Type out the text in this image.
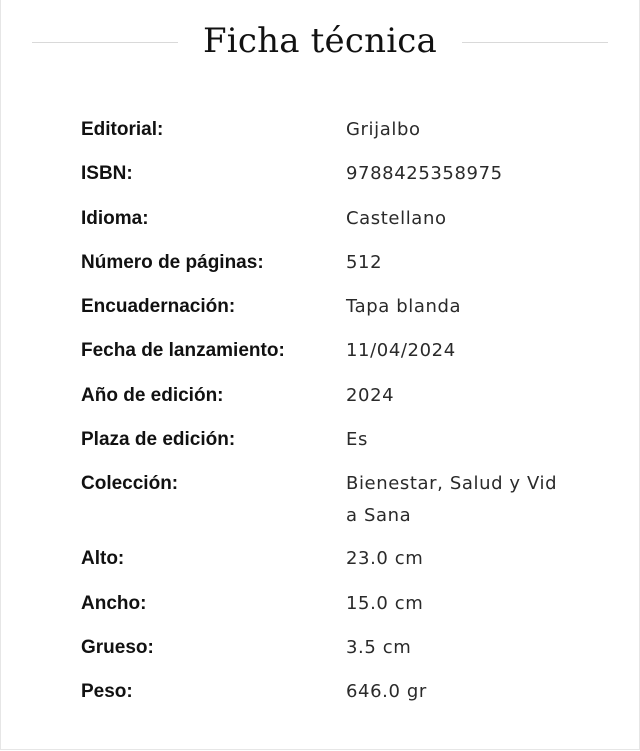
Ficha técnica
Editorial:	Grijalbo
ISBN:	9788425358975
Idioma:	Castellano
Número de páginas:	512
Encuadernación:	Tapa blanda
Fecha de lanzamiento:	11/04/2024
Año de edición:	2024
Plaza de edición:	Es
Colección:	Bienestar, Salud y Vida Sana
Alto:	23.0 cm
Ancho:	15.0 cm
Grueso:	3.5 cm
Peso:	646.0 gr
